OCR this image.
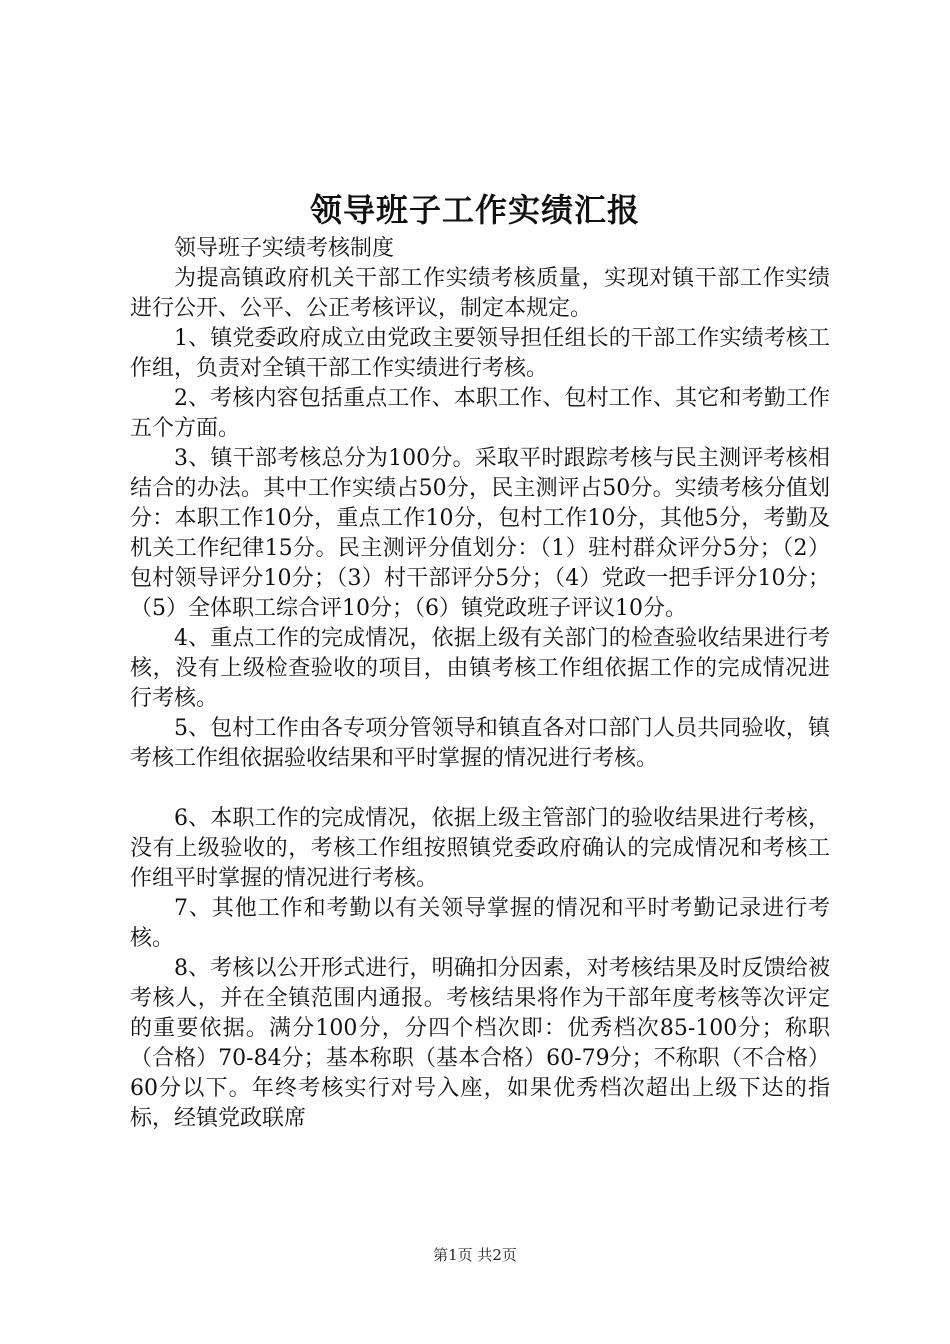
领导班子工作实绩汇报

领导班子实绩考核制度

为提高镇政府机关干部工作实绩考核质量，实现对镇干部工作实绩进行公开、公平、公正考核评议，制定本规定。

1、镇党委政府成立由党政主要领导担任组长的干部工作实绩考核工作组，负责对全镇干部工作实绩进行考核。

2、考核内容包括重点工作、本职工作、包村工作、其它和考勤工作五个方面。

3、镇干部考核总分为100分。采取平时跟踪考核与民主测评考核相结合的办法。其中工作实绩占50分，民主测评占50分。实绩考核分值划分：本职工作10分，重点工作10分，包村工作10分，其他5分，考勤及机关工作纪律15分。民主测评分值划分：（1）驻村群众评分5分；（2）包村领导评分10分；（3）村干部评分5分；（4）党政一把手评分10分；（5）全体职工综合评10分；（6）镇党政班子评议10分。

4、重点工作的完成情况，依据上级有关部门的检查验收结果进行考核，没有上级检查验收的项目，由镇考核工作组依据工作的完成情况进行考核。

5、包村工作由各专项分管领导和镇直各对口部门人员共同验收，镇考核工作组依据验收结果和平时掌握的情况进行考核。

6、本职工作的完成情况，依据上级主管部门的验收结果进行考核，没有上级验收的，考核工作组按照镇党委政府确认的完成情况和考核工作组平时掌握的情况进行考核。

7、其他工作和考勤以有关领导掌握的情况和平时考勤记录进行考核。

8、考核以公开形式进行，明确扣分因素，对考核结果及时反馈给被考核人，并在全镇范围内通报。考核结果将作为干部年度考核等次评定的重要依据。满分100分，分四个档次即：优秀档次85-100分；称职（合格）70-84分；基本称职（基本合格）60-79分；不称职（不合格）60分以下。年终考核实行对号入座，如果优秀档次超出上级下达的指标，经镇党政联席

第1页 共2页
